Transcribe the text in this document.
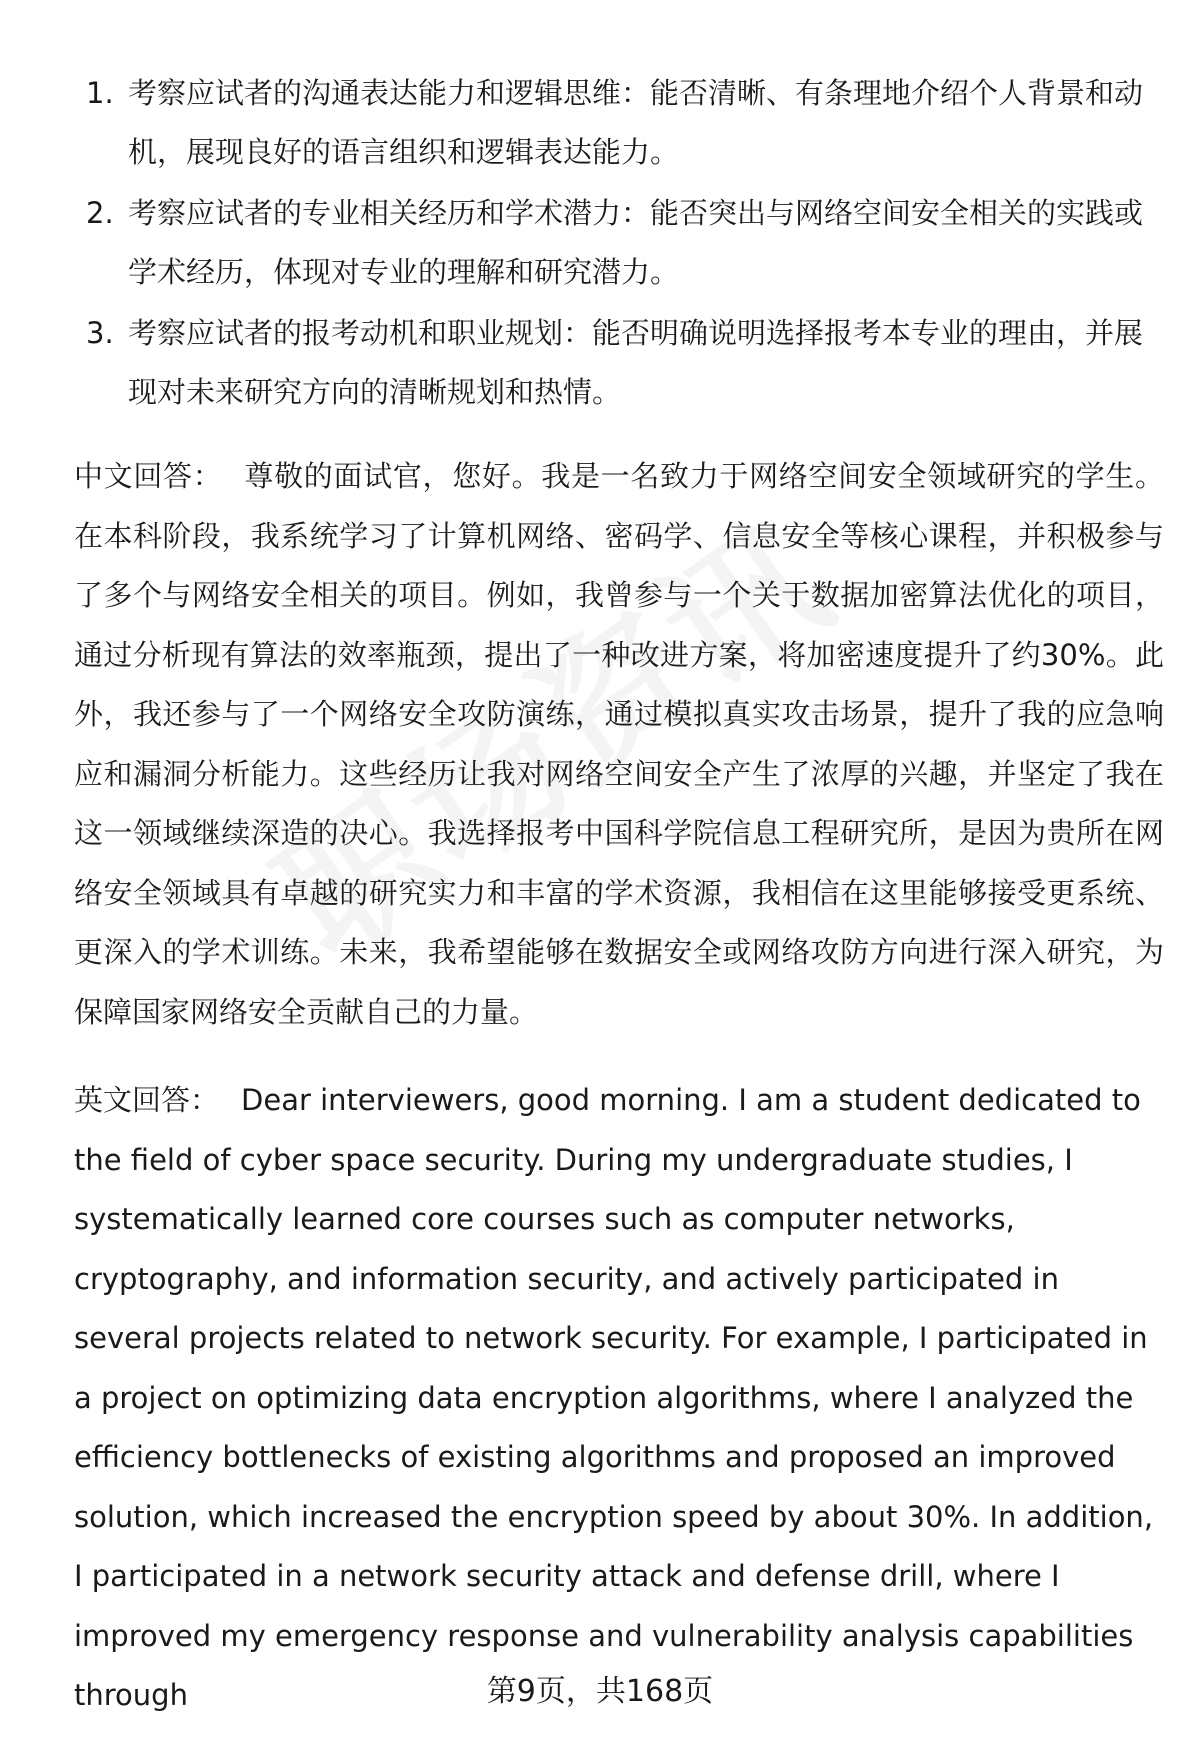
1. 考察应试者的沟通表达能力和逻辑思维：能否清晰、有条理地介绍个人背景和动机，展现良好的语言组织和逻辑表达能力。
2. 考察应试者的专业相关经历和学术潜力：能否突出与网络空间安全相关的实践或学术经历，体现对专业的理解和研究潜力。
3. 考察应试者的报考动机和职业规划：能否明确说明选择报考本专业的理由，并展现对未来研究方向的清晰规划和热情。

中文回答： 尊敬的面试官，您好。我是一名致力于网络空间安全领域研究的学生。在本科阶段，我系统学习了计算机网络、密码学、信息安全等核心课程，并积极参与了多个与网络安全相关的项目。例如，我曾参与一个关于数据加密算法优化的项目，通过分析现有算法的效率瓶颈，提出了一种改进方案，将加密速度提升了约30%。此外，我还参与了一个网络安全攻防演练，通过模拟真实攻击场景，提升了我的应急响应和漏洞分析能力。这些经历让我对网络空间安全产生了浓厚的兴趣，并坚定了我在这一领域继续深造的决心。我选择报考中国科学院信息工程研究所，是因为贵所在网络安全领域具有卓越的研究实力和丰富的学术资源，我相信在这里能够接受更系统、更深入的学术训练。未来，我希望能够在数据安全或网络攻防方向进行深入研究，为保障国家网络安全贡献自己的力量。

英文回答： Dear interviewers, good morning. I am a student dedicated to the field of cyber space security. During my undergraduate studies, I systematically learned core courses such as computer networks, cryptography, and information security, and actively participated in several projects related to network security. For example, I participated in a project on optimizing data encryption algorithms, where I analyzed the efficiency bottlenecks of existing algorithms and proposed an improved solution, which increased the encryption speed by about 30%. In addition, I participated in a network security attack and defense drill, where I improved my emergency response and vulnerability analysis capabilities through	第9页，共168页
